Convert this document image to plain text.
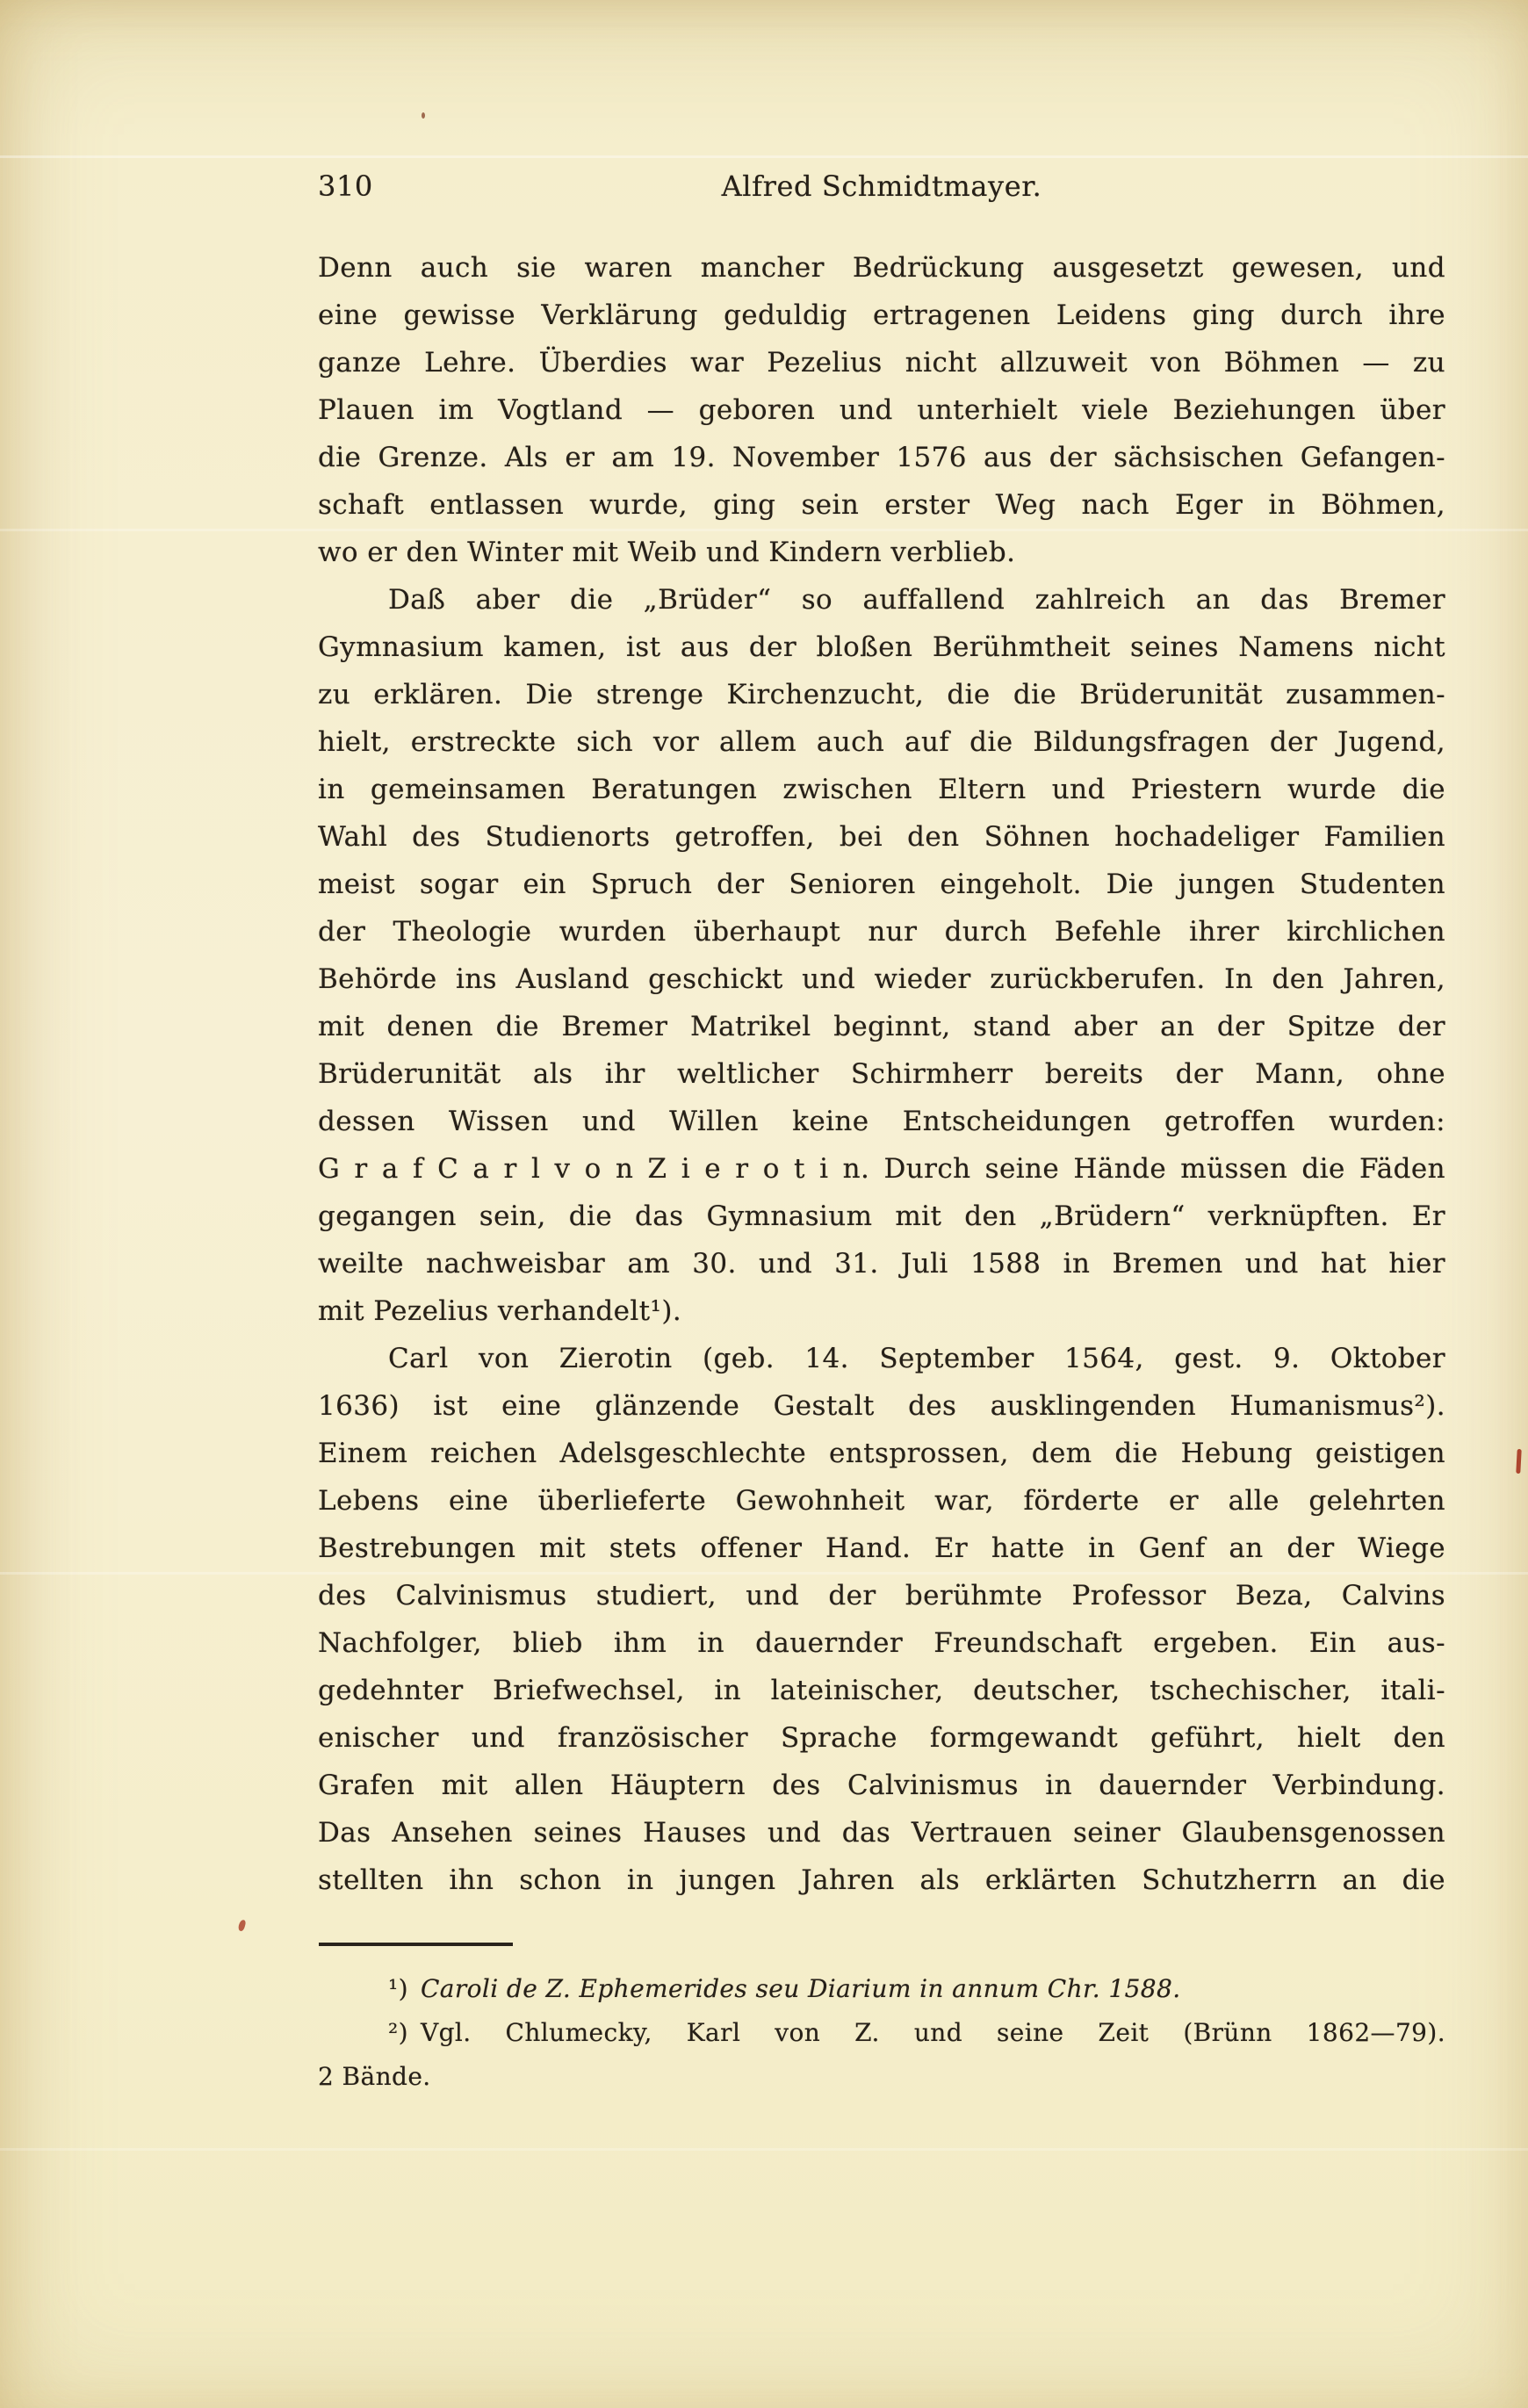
310	Alfred Schmidtmayer.
Denn auch sie waren mancher Bedrückung ausgesetzt gewesen, und
eine gewisse Verklärung geduldig ertragenen Leidens ging durch ihre
ganze Lehre. Überdies war Pezelius nicht allzuweit von Böhmen — zu
Plauen im Vogtland — geboren und unterhielt viele Beziehungen über
die Grenze. Als er am 19. November 1576 aus der sächsischen Gefangen-
schaft entlassen wurde, ging sein erster Weg nach Eger in Böhmen,
wo er den Winter mit Weib und Kindern verblieb.
Daß aber die „Brüder“ so auffallend zahlreich an das Bremer
Gymnasium kamen, ist aus der bloßen Berühmtheit seines Namens nicht
zu erklären. Die strenge Kirchenzucht, die die Brüderunität zusammen-
hielt, erstreckte sich vor allem auch auf die Bildungsfragen der Jugend,
in gemeinsamen Beratungen zwischen Eltern und Priestern wurde die
Wahl des Studienorts getroffen, bei den Söhnen hochadeliger Familien
meist sogar ein Spruch der Senioren eingeholt. Die jungen Studenten
der Theologie wurden überhaupt nur durch Befehle ihrer kirchlichen
Behörde ins Ausland geschickt und wieder zurückberufen. In den Jahren,
mit denen die Bremer Matrikel beginnt, stand aber an der Spitze der
Brüderunität als ihr weltlicher Schirmherr bereits der Mann, ohne
dessen Wissen und Willen keine Entscheidungen getroffen wurden:
G r a f C a r l v o n Z i e r o t i n. Durch seine Hände müssen die Fäden
gegangen sein, die das Gymnasium mit den „Brüdern“ verknüpften. Er
weilte nachweisbar am 30. und 31. Juli 1588 in Bremen und hat hier
mit Pezelius verhandelt¹).
Carl von Zierotin (geb. 14. September 1564, gest. 9. Oktober
1636) ist eine glänzende Gestalt des ausklingenden Humanismus²).
Einem reichen Adelsgeschlechte entsprossen, dem die Hebung geistigen
Lebens eine überlieferte Gewohnheit war, förderte er alle gelehrten
Bestrebungen mit stets offener Hand. Er hatte in Genf an der Wiege
des Calvinismus studiert, und der berühmte Professor Beza, Calvins
Nachfolger, blieb ihm in dauernder Freundschaft ergeben. Ein aus-
gedehnter Briefwechsel, in lateinischer, deutscher, tschechischer, itali-
enischer und französischer Sprache formgewandt geführt, hielt den
Grafen mit allen Häuptern des Calvinismus in dauernder Verbindung.
Das Ansehen seines Hauses und das Vertrauen seiner Glaubensgenossen
stellten ihn schon in jungen Jahren als erklärten Schutzherrn an die
¹) Caroli de Z. Ephemerides seu Diarium in annum Chr. 1588.
²) Vgl. Chlumecky, Karl von Z. und seine Zeit (Brünn 1862—79).
2 Bände.
